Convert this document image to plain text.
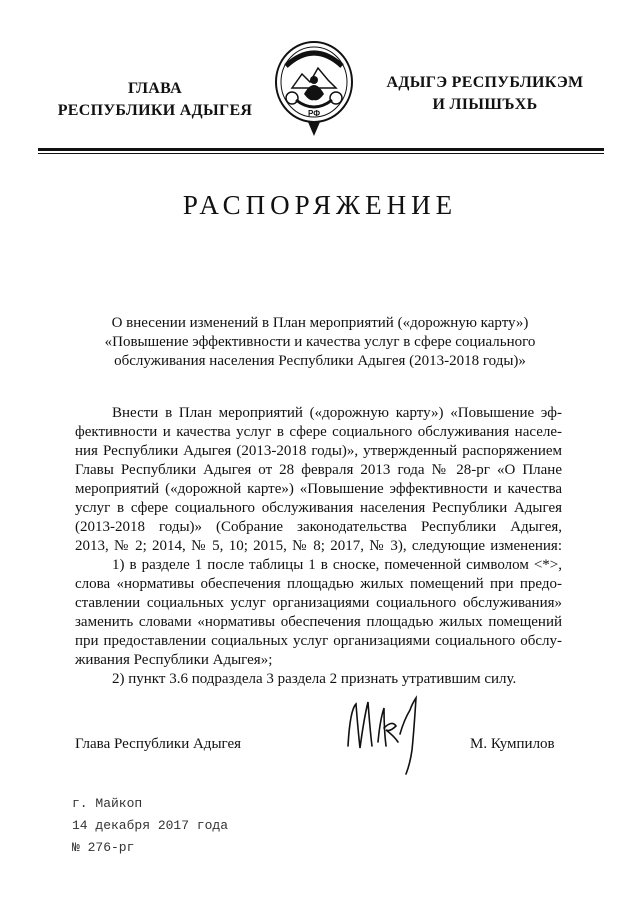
ГЛАВА
РЕСПУБЛИКИ АДЫГЕЯ	РФ
АДЫГЭ РЕСПУБЛИКЭМ
И ЛІЫШЪХЬ
РАСПОРЯЖЕНИЕ
О внесении изменений в План мероприятий («дорожную карту»)
«Повышение эффективности и качества услуг в сфере социального
обслуживания населения Республики Адыгея (2013-2018 годы)»
Внести в План мероприятий («дорожную карту») «Повышение эф-
фективности и качества услуг в сфере социального обслуживания населе-
ния Республики Адыгея (2013-2018 годы)», утвержденный распоряжением
Главы Республики Адыгея от 28 февраля 2013 года № 28-рг «О Плане
мероприятий («дорожной карте») «Повышение эффективности и качества
услуг в сфере социального обслуживания населения Республики Адыгея
(2013-2018 годы)» (Собрание законодательства Республики Адыгея,
2013, № 2; 2014, № 5, 10; 2015, № 8; 2017, № 3), следующие изменения:
1) в разделе 1 после таблицы 1 в сноске, помеченной символом <*>,
слова «нормативы обеспечения площадью жилых помещений при предо-
ставлении социальных услуг организациями социального обслуживания»
заменить словами «нормативы обеспечения площадью жилых помещений
при предоставлении социальных услуг организациями социального обслу-
живания Республики Адыгея»;
2) пункт 3.6 подраздела 3 раздела 2 признать утратившим силу.
Глава Республики Адыгея	М. Кумпилов
г. Майкоп
14 декабря 2017 года
№ 276-рг
